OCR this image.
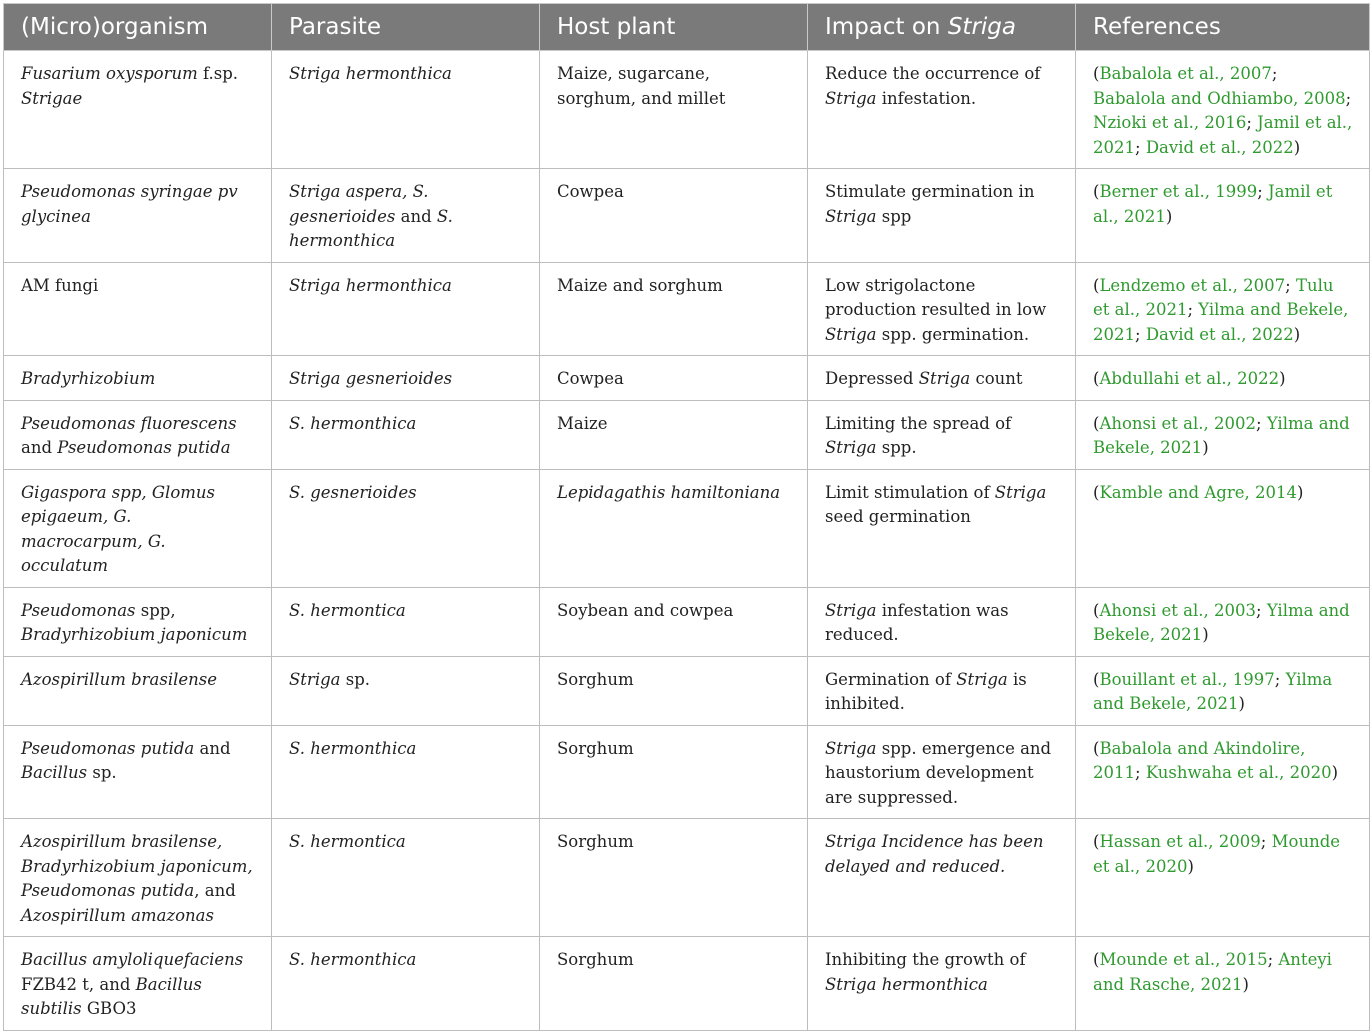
(Micro)organism	Parasite	Host plant	Impact on Striga	References
Fusarium oxysporum f.sp. Strigae	Striga hermonthica	Maize, sugarcane, sorghum, and millet	Reduce the occurrence of Striga infestation.	(Babalola et al., 2007; Babalola and Odhiambo, 2008; Nzioki et al., 2016; Jamil et al., 2021; David et al., 2022)
Pseudomonas syringae pv glycinea	Striga aspera, S. gesnerioides and S. hermonthica	Cowpea	Stimulate germination in Striga spp	(Berner et al., 1999; Jamil et al., 2021)
AM fungi	Striga hermonthica	Maize and sorghum	Low strigolactone production resulted in low Striga spp. germination.	(Lendzemo et al., 2007; Tulu et al., 2021; Yilma and Bekele, 2021; David et al., 2022)
Bradyrhizobium	Striga gesnerioides	Cowpea	Depressed Striga count	(Abdullahi et al., 2022)
Pseudomonas fluorescens and Pseudomonas putida	S. hermonthica	Maize	Limiting the spread of Striga spp.	(Ahonsi et al., 2002; Yilma and Bekele, 2021)
Gigaspora spp, Glomus epigaeum, G. macrocarpum, G. occulatum	S. gesnerioides	Lepidagathis hamiltoniana	Limit stimulation of Striga seed germination	(Kamble and Agre, 2014)
Pseudomonas spp, Bradyrhizobium japonicum	S. hermontica	Soybean and cowpea	Striga infestation was reduced.	(Ahonsi et al., 2003; Yilma and Bekele, 2021)
Azospirillum brasilense	Striga sp.	Sorghum	Germination of Striga is inhibited.	(Bouillant et al., 1997; Yilma and Bekele, 2021)
Pseudomonas putida and Bacillus sp.	S. hermonthica	Sorghum	Striga spp. emergence and haustorium development are suppressed.	(Babalola and Akindolire, 2011; Kushwaha et al., 2020)
Azospirillum brasilense, Bradyrhizobium japonicum, Pseudomonas putida, and Azospirillum amazonas	S. hermontica	Sorghum	Striga Incidence has been delayed and reduced.	(Hassan et al., 2009; Mounde et al., 2020)
Bacillus amyloliquefaciens FZB42 t, and Bacillus subtilis GBO3	S. hermonthica	Sorghum	Inhibiting the growth of Striga hermonthica	(Mounde et al., 2015; Anteyi and Rasche, 2021)
